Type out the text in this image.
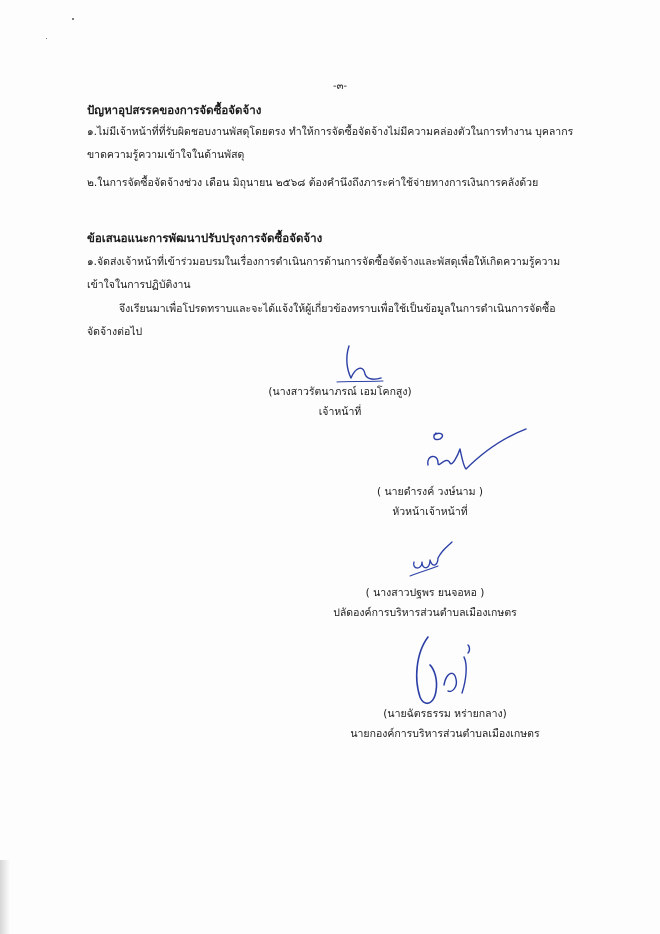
-๓-
ปัญหาอุปสรรคของการจัดซื้อจัดจ้าง
๑.ไม่มีเจ้าหน้าที่ที่รับผิดชอบงานพัสดุโดยตรง ทำให้การจัดซื้อจัดจ้างไม่มีความคล่องตัวในการทำงาน บุคลากร
ขาดความรู้ความเข้าใจในด้านพัสดุ
๒.ในการจัดซื้อจัดจ้างช่วง เดือน มิถุนายน ๒๕๖๘ ต้องคำนึงถึงภาระค่าใช้จ่ายทางการเงินการคลังด้วย
ข้อเสนอแนะการพัฒนาปรับปรุงการจัดซื้อจัดจ้าง
๑.จัดส่งเจ้าหน้าที่เข้าร่วมอบรมในเรื่องการดำเนินการด้านการจัดซื้อจัดจ้างและพัสดุเพื่อให้เกิดความรู้ความ
เข้าใจในการปฏิบัติงาน
จึงเรียนมาเพื่อโปรดทราบและจะได้แจ้งให้ผู้เกี่ยวข้องทราบเพื่อใช้เป็นข้อมูลในการดำเนินการจัดซื้อ
จัดจ้างต่อไป
(นางสาวรัตนาภรณ์ เอมโคกสูง)
เจ้าหน้าที่
( นายดำรงค์ วงษ์นาม )
หัวหน้าเจ้าหน้าที่
( นางสาวปฐพร ยนจอหอ )
ปลัดองค์การบริหารส่วนตำบลเมืองเกษตร
(นายฉัตรธรรม หร่ายกลาง)
นายกองค์การบริหารส่วนตำบลเมืองเกษตร
